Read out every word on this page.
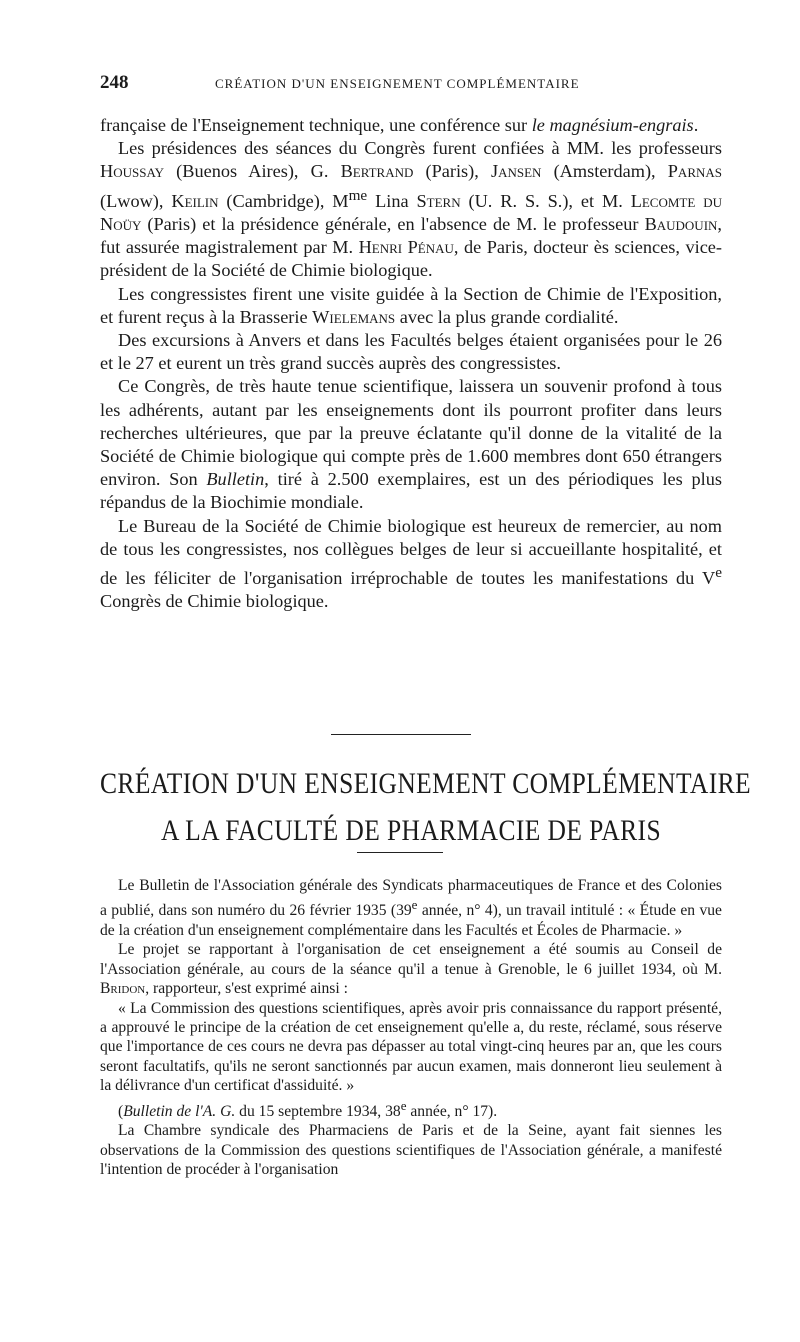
248	CRÉATION D'UN ENSEIGNEMENT COMPLÉMENTAIRE

française de l'Enseignement technique, une conférence sur le magnésium-engrais.

Les présidences des séances du Congrès furent confiées à MM. les professeurs Houssay (Buenos Aires), G. Bertrand (Paris), Jansen (Amsterdam), Parnas (Lwow), Keilin (Cambridge), $M^{me}$ Lina Stern (U. R. S. S.), et M. Lecomte du Noüy (Paris) et la présidence générale, en l'absence de M. le professeur Baudouin, fut assurée magistralement par M. Henri Pénau, de Paris, docteur ès sciences, vice-président de la Société de Chimie biologique.

Les congressistes firent une visite guidée à la Section de Chimie de l'Exposition, et furent reçus à la Brasserie Wielemans avec la plus grande cordialité.

Des excursions à Anvers et dans les Facultés belges étaient organisées pour le 26 et le 27 et eurent un très grand succès auprès des congressistes.

Ce Congrès, de très haute tenue scientifique, laissera un souvenir profond à tous les adhérents, autant par les enseignements dont ils pourront profiter dans leurs recherches ultérieures, que par la preuve éclatante qu'il donne de la vitalité de la Société de Chimie biologique qui compte près de 1.600 membres dont 650 étrangers environ. Son Bulletin, tiré à 2.500 exemplaires, est un des périodiques les plus répandus de la Biochimie mondiale.

Le Bureau de la Société de Chimie biologique est heureux de remercier, au nom de tous les congressistes, nos collègues belges de leur si accueillante hospitalité, et de les féliciter de l'organisation irréprochable de toutes les manifestations du Ve Congrès de Chimie biologique.

CRÉATION D'UN ENSEIGNEMENT COMPLÉMENTAIRE
A LA FACULTÉ DE PHARMACIE DE PARIS

Le Bulletin de l'Association générale des Syndicats pharmaceutiques de France et des Colonies a publié, dans son numéro du 26 février 1935 (39e année, n° 4), un travail intitulé : « Étude en vue de la création d'un enseignement complémentaire dans les Facultés et Écoles de Pharmacie. »

Le projet se rapportant à l'organisation de cet enseignement a été soumis au Conseil de l'Association générale, au cours de la séance qu'il a tenue à Grenoble, le 6 juillet 1934, où M. Bridon, rapporteur, s'est exprimé ainsi :

« La Commission des questions scientifiques, après avoir pris connaissance du rapport présenté, a approuvé le principe de la création de cet enseignement qu'elle a, du reste, réclamé, sous réserve que l'importance de ces cours ne devra pas dépasser au total vingt-cinq heures par an, que les cours seront facultatifs, qu'ils ne seront sanctionnés par aucun examen, mais donneront lieu seulement à la délivrance d'un certificat d'assiduité. »

(Bulletin de l'A. G. du 15 septembre 1934, 38e année, n° 17).

La Chambre syndicale des Pharmaciens de Paris et de la Seine, ayant fait siennes les observations de la Commission des questions scientifiques de l'Association générale, a manifesté l'intention de procéder à l'organisation
